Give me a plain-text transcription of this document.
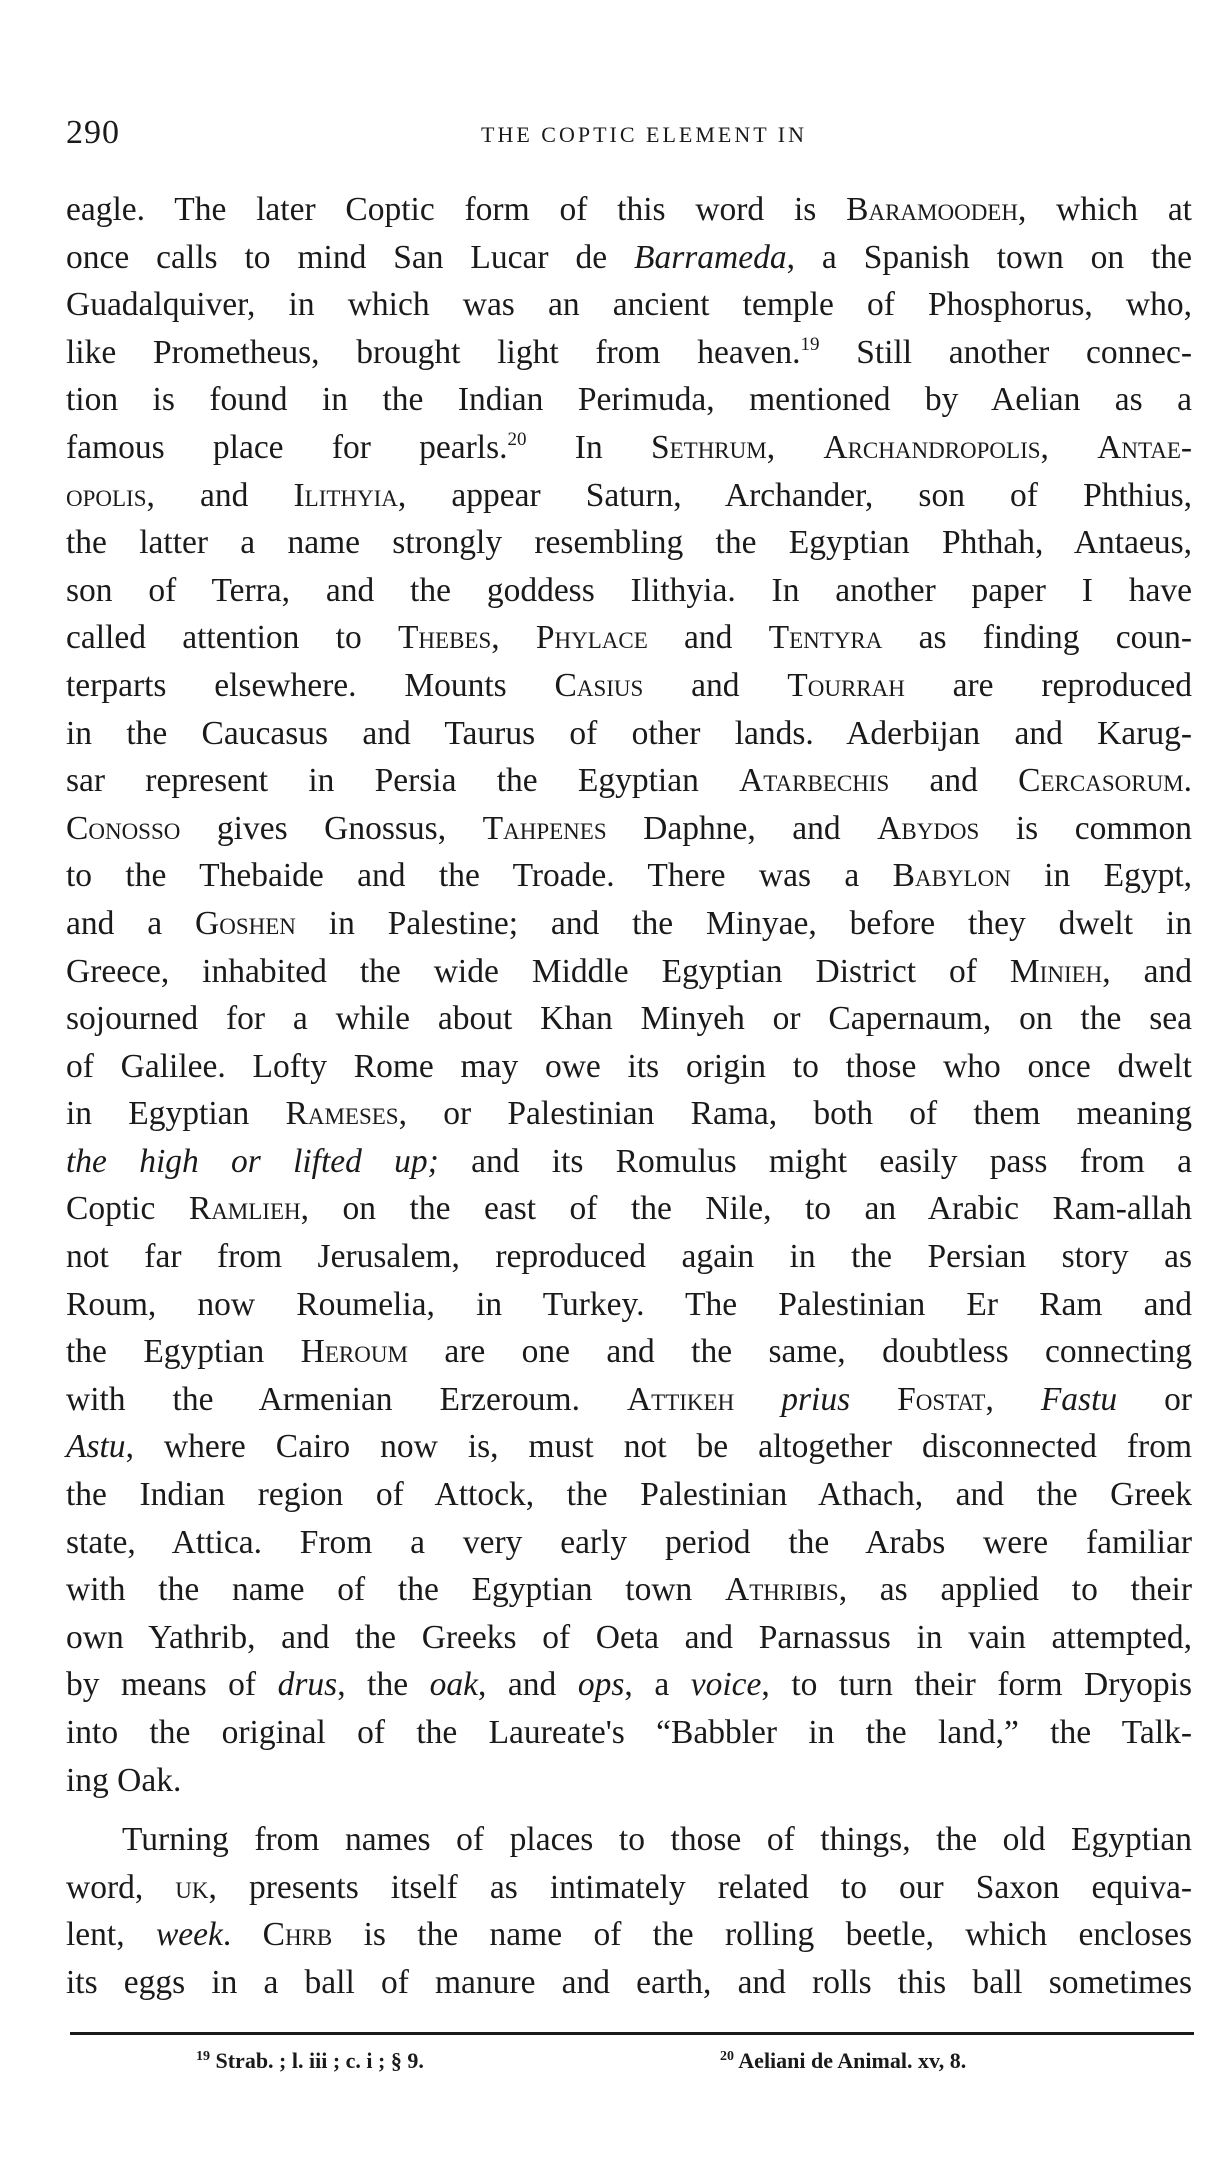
290	THE COPTIC ELEMENT IN
eagle. The later Coptic form of this word is Baramoodeh, which at
once calls to mind San Lucar de Barrameda, a Spanish town on the
Guadalquiver, in which was an ancient temple of Phosphorus, who,
like Prometheus, brought light from heaven.$^{19}$ Still another connec-
tion is found in the Indian Perimuda, mentioned by Aelian as a
famous place for pearls.$^{20}$ In Sethrum, Archandropolis, Antae-
opolis, and Ilithyia, appear Saturn, Archander, son of Phthius,
the latter a name strongly resembling the Egyptian Phthah, Antaeus,
son of Terra, and the goddess Ilithyia. In another paper I have
called attention to Thebes, Phylace and Tentyra as finding coun-
terparts elsewhere. Mounts Casius and Tourrah are reproduced
in the Caucasus and Taurus of other lands. Aderbijan and Karug-
sar represent in Persia the Egyptian Atarbechis and Cercasorum.
Conosso gives Gnossus, Tahpenes Daphne, and Abydos is common
to the Thebaide and the Troade. There was a Babylon in Egypt,
and a Goshen in Palestine; and the Minyae, before they dwelt in
Greece, inhabited the wide Middle Egyptian District of Minieh, and
sojourned for a while about Khan Minyeh or Capernaum, on the sea
of Galilee. Lofty Rome may owe its origin to those who once dwelt
in Egyptian Rameses, or Palestinian Rama, both of them meaning
the high or lifted up; and its Romulus might easily pass from a
Coptic Ramlieh, on the east of the Nile, to an Arabic Ram-allah
not far from Jerusalem, reproduced again in the Persian story as
Roum, now Roumelia, in Turkey. The Palestinian Er Ram and
the Egyptian Heroum are one and the same, doubtless connecting
with the Armenian Erzeroum. Attikeh prius Fostat, Fastu or
Astu, where Cairo now is, must not be altogether disconnected from
the Indian region of Attock, the Palestinian Athach, and the Greek
state, Attica. From a very early period the Arabs were familiar
with the name of the Egyptian town Athribis, as applied to their
own Yathrib, and the Greeks of Oeta and Parnassus in vain attempted,
by means of drus, the oak, and ops, a voice, to turn their form Dryopis
into the original of the Laureate's “Babbler in the land,” the Talk-
ing Oak.
Turning from names of places to those of things, the old Egyptian
word, uk, presents itself as intimately related to our Saxon equiva-
lent, week. Chrb is the name of the rolling beetle, which encloses
its eggs in a ball of manure and earth, and rolls this ball sometimes
$^{19}$ Strab. ; l. iii ; c. i ; § 9.	$^{20}$ Aeliani de Animal. xv, 8.
